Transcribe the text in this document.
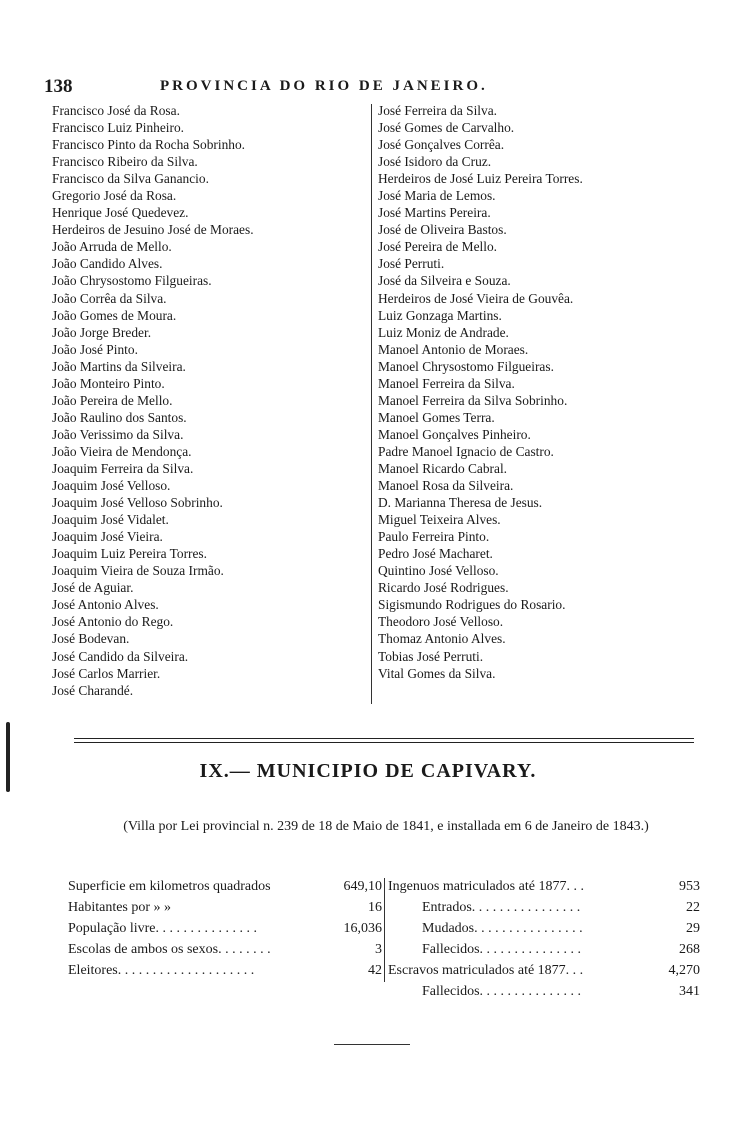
138	PROVINCIA DO RIO DE JANEIRO.
Francisco José da Rosa.
Francisco Luiz Pinheiro.
Francisco Pinto da Rocha Sobrinho.
Francisco Ribeiro da Silva.
Francisco da Silva Ganancio.
Gregorio José da Rosa.
Henrique José Quedevez.
Herdeiros de Jesuino José de Moraes.
João Arruda de Mello.
João Candido Alves.
João Chrysostomo Filgueiras.
João Corrêa da Silva.
João Gomes de Moura.
João Jorge Breder.
João José Pinto.
João Martins da Silveira.
João Monteiro Pinto.
João Pereira de Mello.
João Raulino dos Santos.
João Verissimo da Silva.
João Vieira de Mendonça.
Joaquim Ferreira da Silva.
Joaquim José Velloso.
Joaquim José Velloso Sobrinho.
Joaquim José Vidalet.
Joaquim José Vieira.
Joaquim Luiz Pereira Torres.
Joaquim Vieira de Souza Irmão.
José de Aguiar.
José Antonio Alves.
José Antonio do Rego.
José Bodevan.
José Candido da Silveira.
José Carlos Marrier.
José Charandé.
José Ferreira da Silva.
José Gomes de Carvalho.
José Gonçalves Corrêa.
José Isidoro da Cruz.
Herdeiros de José Luiz Pereira Torres.
José Maria de Lemos.
José Martins Pereira.
José de Oliveira Bastos.
José Pereira de Mello.
José Perruti.
José da Silveira e Souza.
Herdeiros de José Vieira de Gouvêa.
Luiz Gonzaga Martins.
Luiz Moniz de Andrade.
Manoel Antonio de Moraes.
Manoel Chrysostomo Filgueiras.
Manoel Ferreira da Silva.
Manoel Ferreira da Silva Sobrinho.
Manoel Gomes Terra.
Manoel Gonçalves Pinheiro.
Padre Manoel Ignacio de Castro.
Manoel Ricardo Cabral.
Manoel Rosa da Silveira.
D. Marianna Theresa de Jesus.
Miguel Teixeira Alves.
Paulo Ferreira Pinto.
Pedro José Macharet.
Quintino José Velloso.
Ricardo José Rodrigues.
Sigismundo Rodrigues do Rosario.
Theodoro José Velloso.
Thomaz Antonio Alves.
Tobias José Perruti.
Vital Gomes da Silva.
IX.— MUNICIPIO DE CAPIVARY.
(Villa por Lei provincial n. 239 de 18 de Maio de 1841, e installada em 6 de Janeiro de 1843.)
Superficie em kilometros quadrados	649,10
Habitantes por » »	16
População livre. . . . . . . . . . . . . . .	16,036
Escolas de ambos os sexos. . . . . . . .	3
Eleitores. . . . . . . . . . . . . . . . . . . .	42
Ingenuos matriculados até 1877. . .	953
Entrados. . . . . . . . . . . . . . . .	22
Mudados. . . . . . . . . . . . . . . .	29
Fallecidos. . . . . . . . . . . . . . .	268
Escravos matriculados até 1877. . .	4,270
Fallecidos. . . . . . . . . . . . . . .	341
